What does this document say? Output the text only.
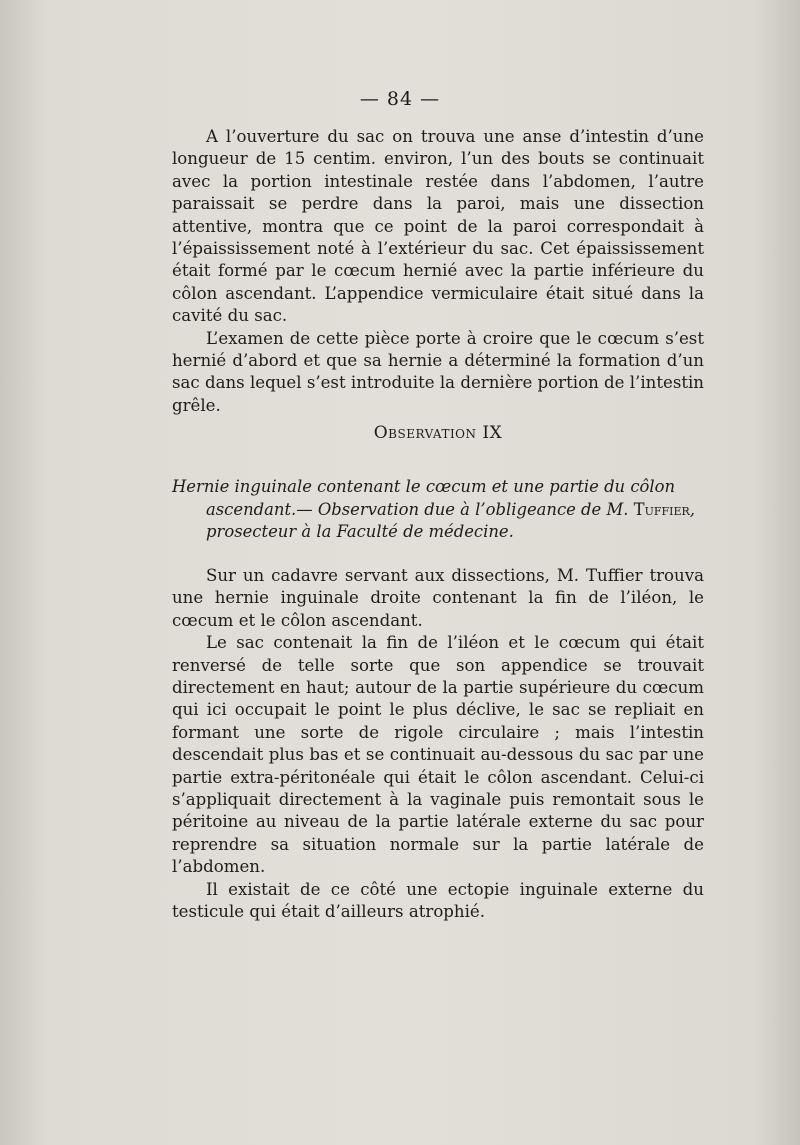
— 84 —

A l’ouverture du sac on trouva une anse d’intestin d’une longueur de 15 centim. environ, l’un des bouts se continuait avec la portion intestinale restée dans l’abdomen, l’autre paraissait se perdre dans la paroi, mais une dissection attentive, montra que ce point de la paroi correspondait à l’épaississement noté à l’extérieur du sac. Cet épaississement était formé par le cœcum hernié avec la partie inférieure du côlon ascendant. L’appendice vermiculaire était situé dans la cavité du sac.

L’examen de cette pièce porte à croire que le cœcum s’est hernié d’abord et que sa hernie a déterminé la formation d’un sac dans lequel s’est introduite la dernière portion de l’intestin grêle.

Observation IX

Hernie inguinale contenant le cœcum et une partie du côlon ascendant.— Observation due à l’obligeance de M. Tuffier, prosecteur à la Faculté de médecine.

Sur un cadavre servant aux dissections, M. Tuffier trouva une hernie inguinale droite contenant la fin de l’iléon, le cœcum et le côlon ascendant.

Le sac contenait la fin de l’iléon et le cœcum qui était renversé de telle sorte que son appendice se trouvait directement en haut; autour de la partie supérieure du cœcum qui ici occupait le point le plus déclive, le sac se repliait en formant une sorte de rigole circulaire ; mais l’intestin descendait plus bas et se continuait au-dessous du sac par une partie extra-péritonéale qui était le côlon ascendant. Celui-ci s’appliquait directement à la vaginale puis remontait sous le péritoine au niveau de la partie latérale externe du sac pour reprendre sa situation normale sur la partie latérale de l’abdomen.

Il existait de ce côté une ectopie inguinale externe du testicule qui était d’ailleurs atrophié.
